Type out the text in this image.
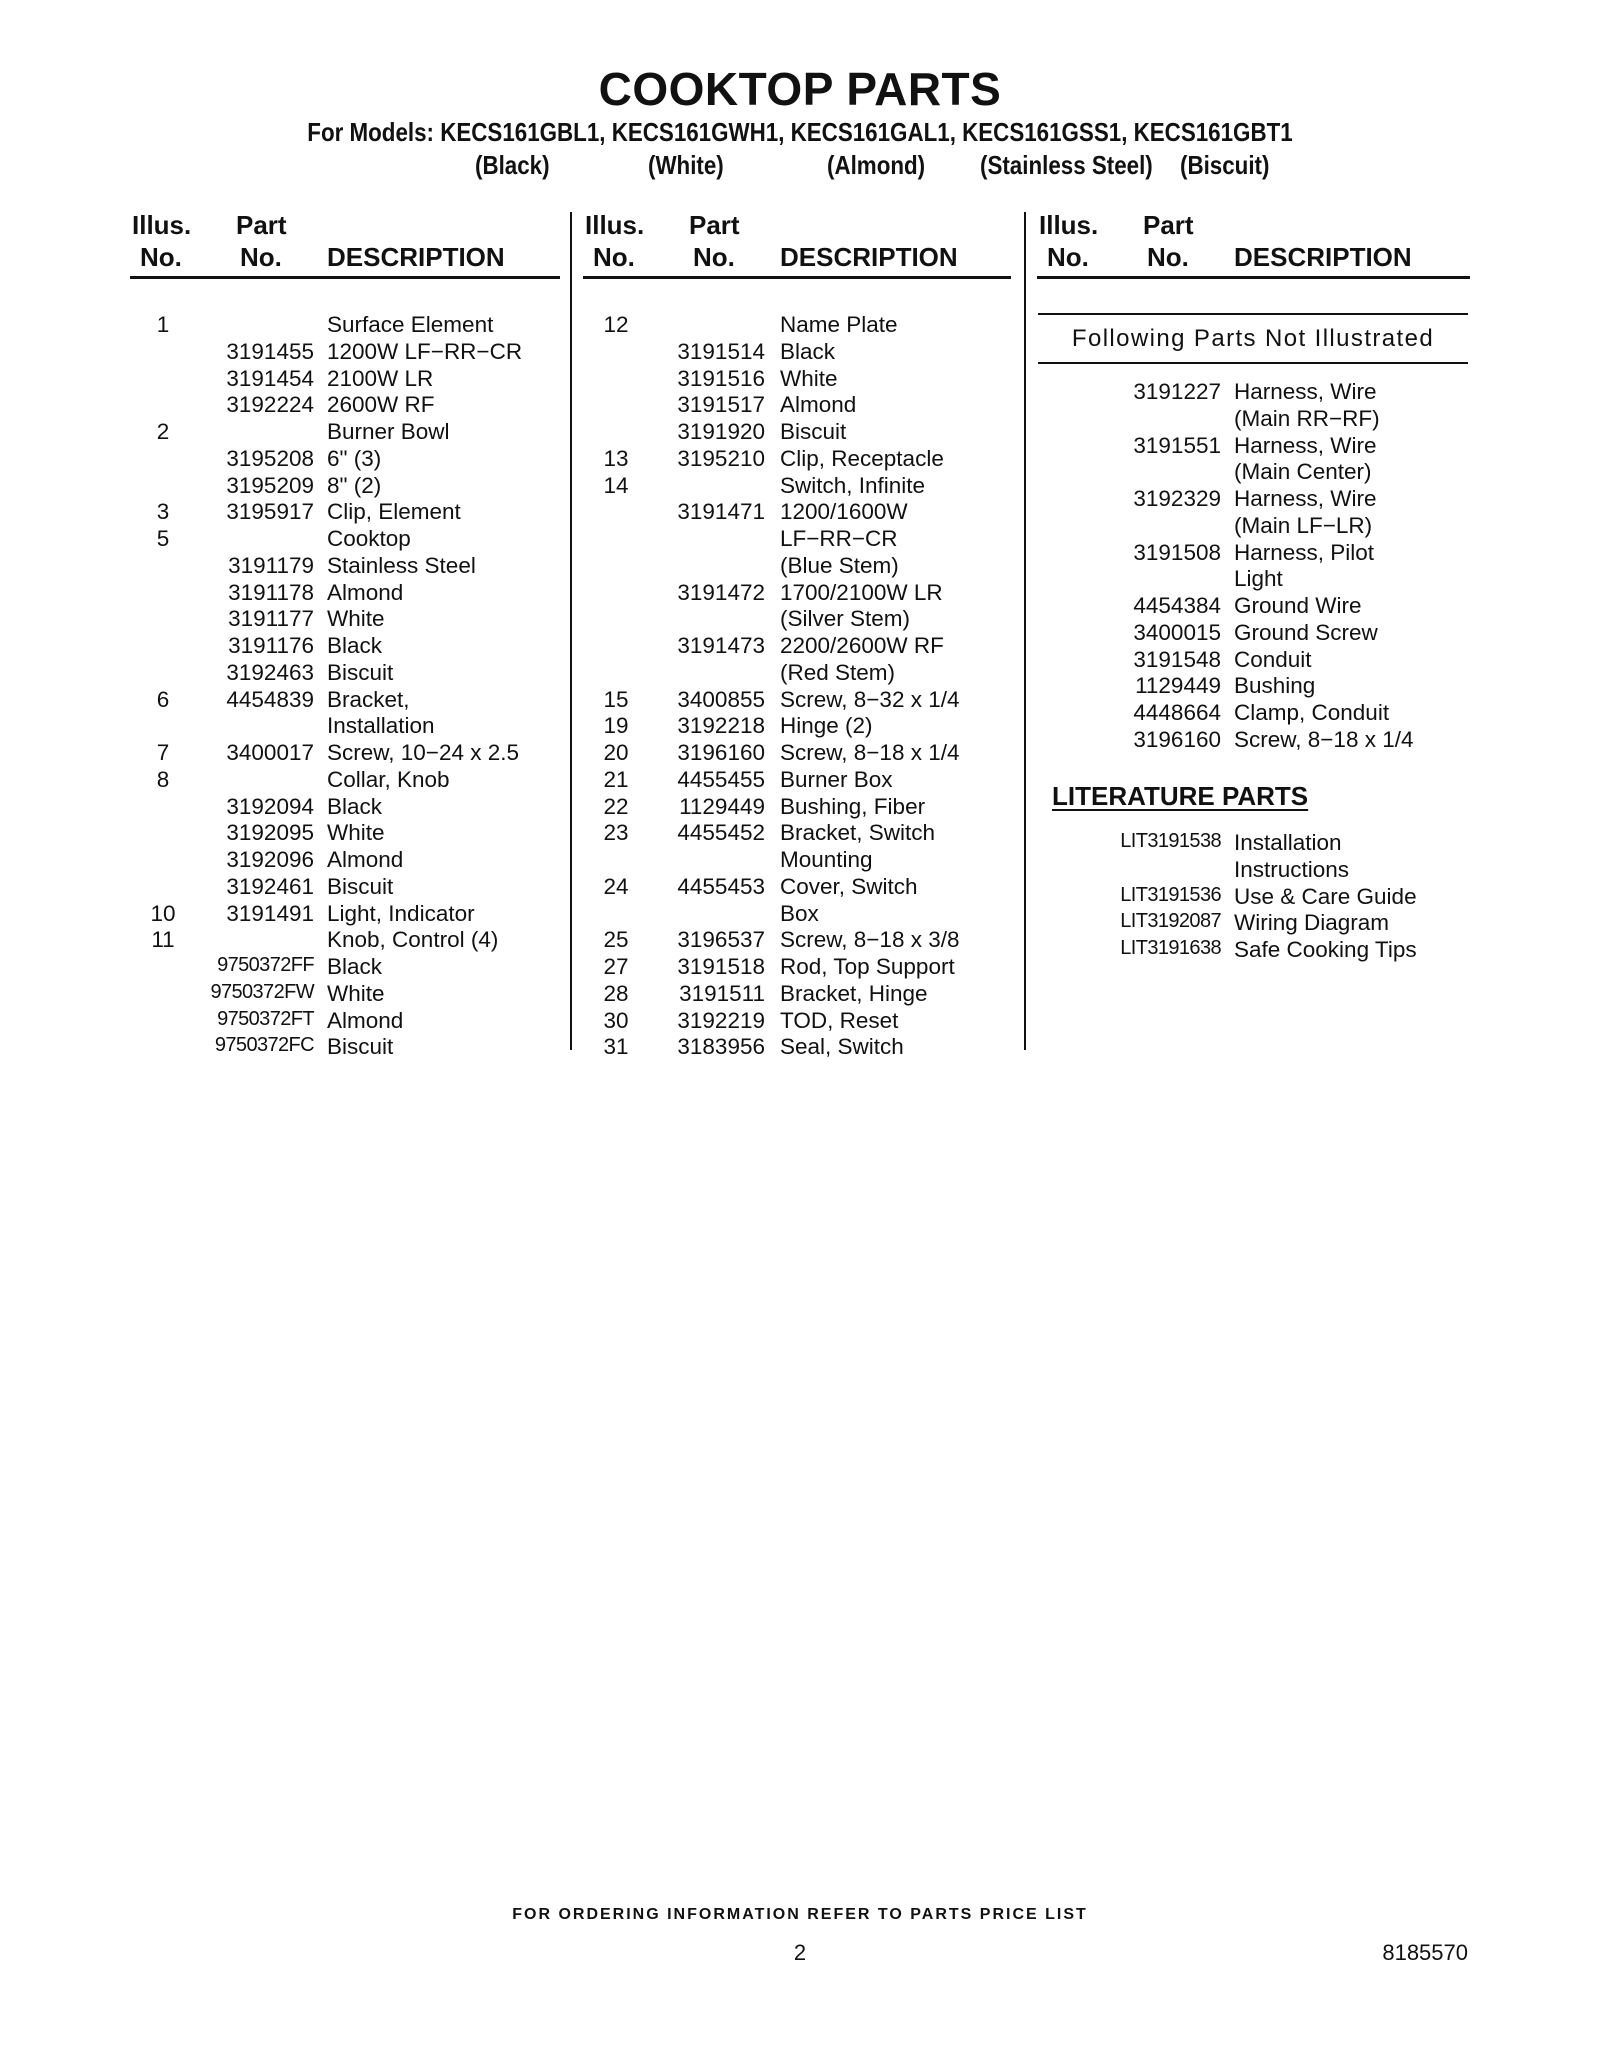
COOKTOP PARTS
For Models: KECS161GBL1, KECS161GWH1, KECS161GAL1, KECS161GSS1, KECS161GBT1
(Black)	(White)	(Almond) (Stainless Steel) (Biscuit)
Illus.
No.
Part
No. DESCRIPTION
1	Surface Element
3191455 1200W LF−RR−CR
3191454 2100W LR
3192224 2600W RF
2	Burner Bowl
3195208 6" (3)
3195209 8" (2)
3	3195917 Clip, Element
5	Cooktop
3191179 Stainless Steel
3191178 Almond
3191177 White
3191176 Black
3192463 Biscuit
6	4454839 Bracket,
Installation
7	3400017 Screw, 10−24 x 2.5
8	Collar, Knob
3192094 Black
3192095 White
3192096 Almond
3192461 Biscuit
10	3191491 Light, Indicator
11	Knob, Control (4)
9750372FF Black
9750372FW White
9750372FT Almond
9750372FC Biscuit
Illus.
No.
Part
No. DESCRIPTION
12	Name Plate
3191514 Black
3191516 White
3191517 Almond
3191920 Biscuit
13	3195210 Clip, Receptacle
14	Switch, Infinite
3191471 1200/1600W
LF−RR−CR
(Blue Stem)
3191472 1700/2100W LR
(Silver Stem)
3191473 2200/2600W RF
(Red Stem)
15	3400855 Screw, 8−32 x 1/4
19	3192218 Hinge (2)
20	3196160 Screw, 8−18 x 1/4
21	4455455 Burner Box
22	1129449 Bushing, Fiber
23	4455452 Bracket, Switch
Mounting
24	4455453 Cover, Switch
Box
25	3196537 Screw, 8−18 x 3/8
27	3191518 Rod, Top Support
28	3191511 Bracket, Hinge
30	3192219 TOD, Reset
31	3183956 Seal, Switch
Illus.
No.
Part
No. DESCRIPTION
Following Parts Not Illustrated
3191227 Harness, Wire
(Main RR−RF)
3191551 Harness, Wire
(Main Center)
3192329 Harness, Wire
(Main LF−LR)
3191508 Harness, Pilot
Light
4454384 Ground Wire
3400015 Ground Screw
3191548 Conduit
1129449 Bushing
4448664 Clamp, Conduit
3196160 Screw, 8−18 x 1/4
LITERATURE PARTS
LIT3191538 Installation
Instructions
LIT3191536 Use & Care Guide
LIT3192087 Wiring Diagram
LIT3191638 Safe Cooking Tips
FOR ORDERING INFORMATION REFER TO PARTS PRICE LIST
2	8185570
